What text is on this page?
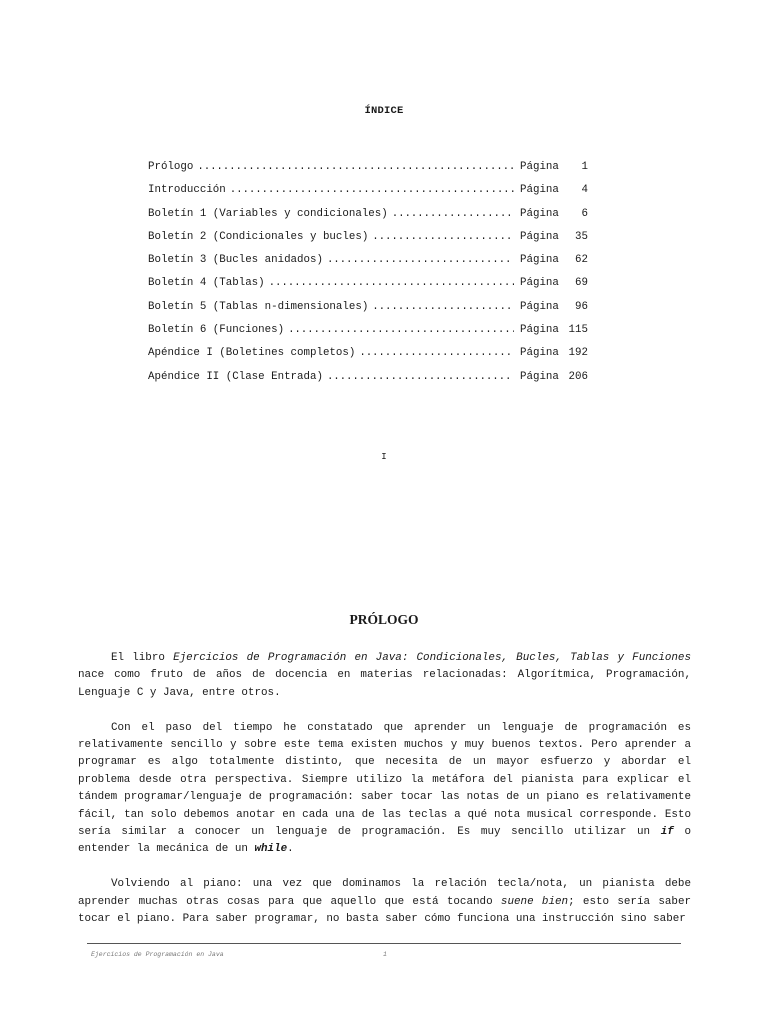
ÍNDICE
Prólogo . . .	Página 1
Introducción . . .	Página 4
Boletín 1 (Variables y condicionales) . . .	Página 6
Boletín 2 (Condicionales y bucles) . . .	Página 35
Boletín 3 (Bucles anidados) . . .	Página 62
Boletín 4 (Tablas) . . .	Página 69
Boletín 5 (Tablas n-dimensionales) . . .	Página 96
Boletín 6 (Funciones) . . .	Página 115
Apéndice I (Boletines completos) . . .	Página 192
Apéndice II (Clase Entrada) . . .	Página 206
I
PRÓLOGO

El libro Ejercicios de Programación en Java: Condicionales, Bucles, Tablas y Funciones nace como fruto de años de docencia en materias relacionadas: Algorítmica, Programación, Lenguaje C y Java, entre otros.

Con el paso del tiempo he constatado que aprender un lenguaje de programación es relativamente sencillo y sobre este tema existen muchos y muy buenos textos. Pero aprender a programar es algo totalmente distinto, que necesita de un mayor esfuerzo y abordar el problema desde otra perspectiva. Siempre utilizo la metáfora del pianista para explicar el tándem programar/lenguaje de programación: saber tocar las notas de un piano es relativamente fácil, tan solo debemos anotar en cada una de las teclas a qué nota musical corresponde. Esto sería similar a conocer un lenguaje de programación. Es muy sencillo utilizar un if o entender la mecánica de un while.

Volviendo al piano: una vez que dominamos la relación tecla/nota, un pianista debe aprender muchas otras cosas para que aquello que está tocando suene bien; esto sería saber tocar el piano. Para saber programar, no basta saber cómo funciona una instrucción sino saber

Ejercicios de Programación en Java	1
